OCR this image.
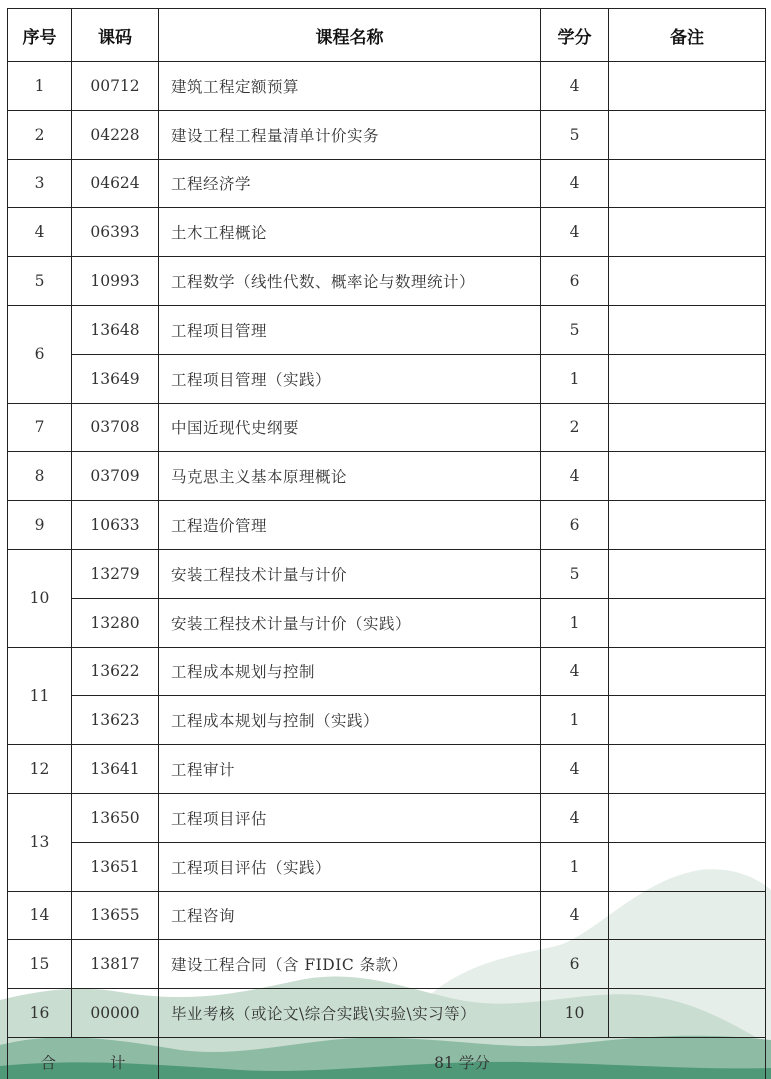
序号	课码	课程名称	学分	备注
1	00712	建筑工程定额预算	4	
2	04228	建设工程工程量清单计价实务	5	
3	04624	工程经济学	4	
4	06393	土木工程概论	4	
5	10993	工程数学（线性代数、概率论与数理统计）	6	
6	13648	工程项目管理	5	
	13649	工程项目管理（实践）	1	
7	03708	中国近现代史纲要	2	
8	03709	马克思主义基本原理概论	4	
9	10633	工程造价管理	6	
10	13279	安装工程技术计量与计价	5	
	13280	安装工程技术计量与计价（实践）	1	
11	13622	工程成本规划与控制	4	
	13623	工程成本规划与控制（实践）	1	
12	13641	工程审计	4	
13	13650	工程项目评估	4	
	13651	工程项目评估（实践）	1	
14	13655	工程咨询	4	
15	13817	建设工程合同（含 FIDIC 条款）	6	
16	00000	毕业考核（或论文\综合实践\实验\实习等）	10	
合 计		81 学分		
